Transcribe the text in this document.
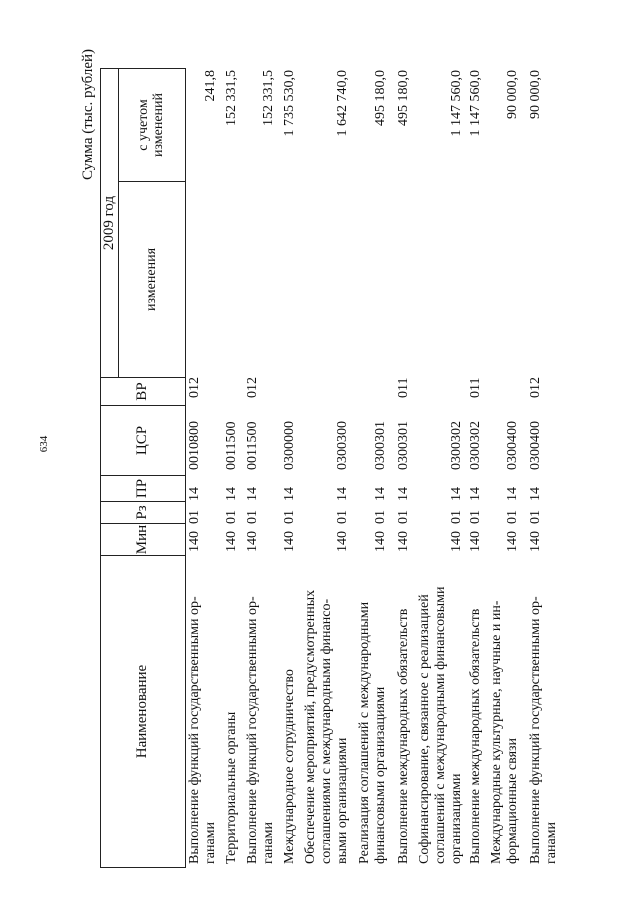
634
Сумма (тыс. рублей)
Наименование
Мин
Рз
ПР
ЦСР
ВР
2009 год
изменения
с учетом изменений
Выполнение функций государственными ор-ганами
140
01
14
0010800
012
241,8
Территориальные органы
140
01
14
0011500
152 331,5
Выполнение функций государственными ор-ганами
140
01
14
0011500
012
152 331,5
Международное сотрудничество
140
01
14
0300000
1 735 530,0
Обеспечение мероприятий, предусмотренных соглашениями с международными финансо-выми организациями
140
01
14
0300300
1 642 740,0
Реализация соглашений с международными финансовыми организациями
140
01
14
0300301
495 180,0
Выполнение международных обязательств
140
01
14
0300301
011
495 180,0
Софинансирование, связанное с реализацией соглашений с международными финансовыми организациями
140
01
14
0300302
1 147 560,0
Выполнение международных обязательств
140
01
14
0300302
011
1 147 560,0
Международные культурные, научные и ин-формационные связи
140
01
14
0300400
90 000,0
Выполнение функций государственными ор-ганами
140
01
14
0300400
012
90 000,0
